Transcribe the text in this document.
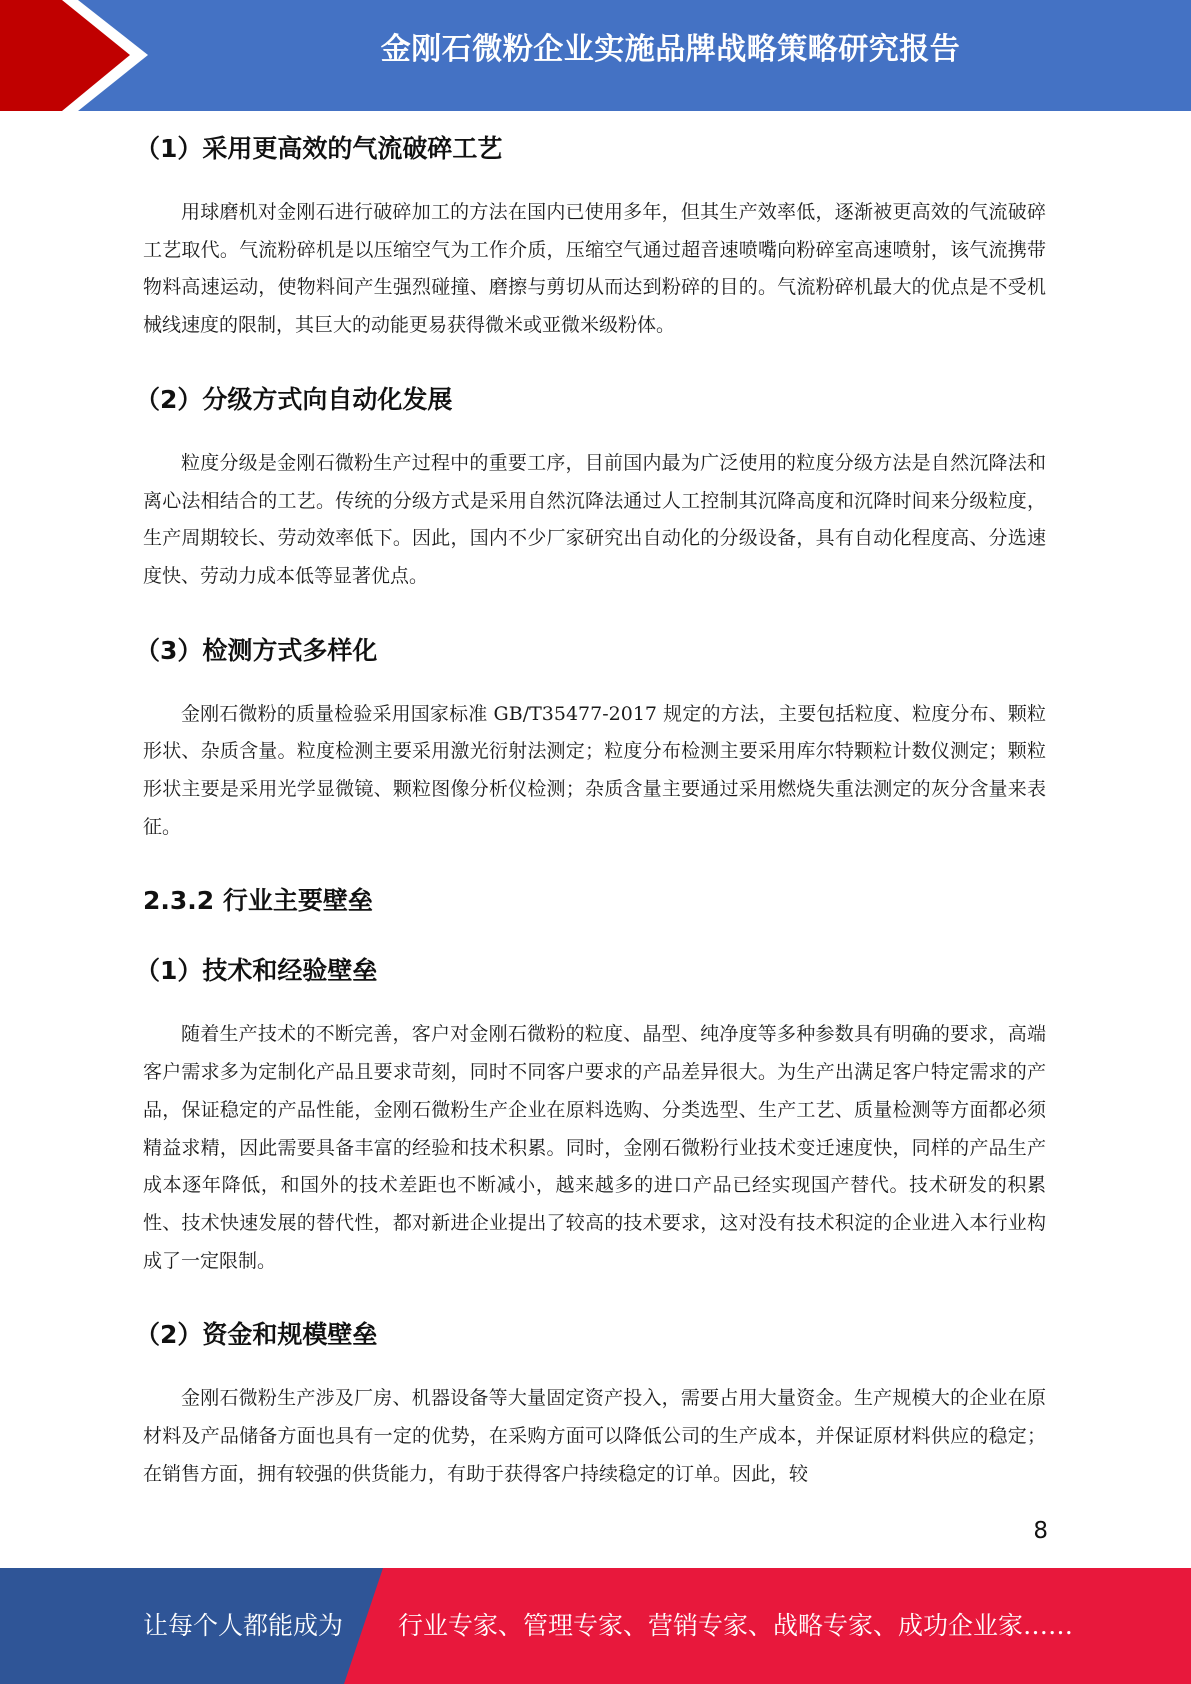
金刚石微粉企业实施品牌战略策略研究报告
（1）采用更高效的气流破碎工艺

用球磨机对金刚石进行破碎加工的方法在国内已使用多年，但其生产效率低，逐渐被更高效的气流破碎工艺取代。气流粉碎机是以压缩空气为工作介质，压缩空气通过超音速喷嘴向粉碎室高速喷射，该气流携带物料高速运动，使物料间产生强烈碰撞、磨擦与剪切从而达到粉碎的目的。气流粉碎机最大的优点是不受机械线速度的限制，其巨大的动能更易获得微米或亚微米级粉体。

（2）分级方式向自动化发展

粒度分级是金刚石微粉生产过程中的重要工序，目前国内最为广泛使用的粒度分级方法是自然沉降法和离心法相结合的工艺。传统的分级方式是采用自然沉降法通过人工控制其沉降高度和沉降时间来分级粒度，生产周期较长、劳动效率低下。因此，国内不少厂家研究出自动化的分级设备，具有自动化程度高、分选速度快、劳动力成本低等显著优点。

（3）检测方式多样化

金刚石微粉的质量检验采用国家标准 GB/T35477-2017 规定的方法，主要包括粒度、粒度分布、颗粒形状、杂质含量。粒度检测主要采用激光衍射法测定；粒度分布检测主要采用库尔特颗粒计数仪测定；颗粒形状主要是采用光学显微镜、颗粒图像分析仪检测；杂质含量主要通过采用燃烧失重法测定的灰分含量来表征。

2.3.2 行业主要壁垒
（1）技术和经验壁垒

随着生产技术的不断完善，客户对金刚石微粉的粒度、晶型、纯净度等多种参数具有明确的要求，高端客户需求多为定制化产品且要求苛刻，同时不同客户要求的产品差异很大。为生产出满足客户特定需求的产品，保证稳定的产品性能，金刚石微粉生产企业在原料选购、分类选型、生产工艺、质量检测等方面都必须精益求精，因此需要具备丰富的经验和技术积累。同时，金刚石微粉行业技术变迁速度快，同样的产品生产成本逐年降低，和国外的技术差距也不断减小，越来越多的进口产品已经实现国产替代。技术研发的积累性、技术快速发展的替代性，都对新进企业提出了较高的技术要求，这对没有技术积淀的企业进入本行业构成了一定限制。

（2）资金和规模壁垒

金刚石微粉生产涉及厂房、机器设备等大量固定资产投入，需要占用大量资金。生产规模大的企业在原材料及产品储备方面也具有一定的优势，在采购方面可以降低公司的生产成本，并保证原材料供应的稳定；在销售方面，拥有较强的供货能力，有助于获得客户持续稳定的订单。因此，较

8
让每个人都能成为 行业专家、管理专家、营销专家、战略专家、成功企业家……
